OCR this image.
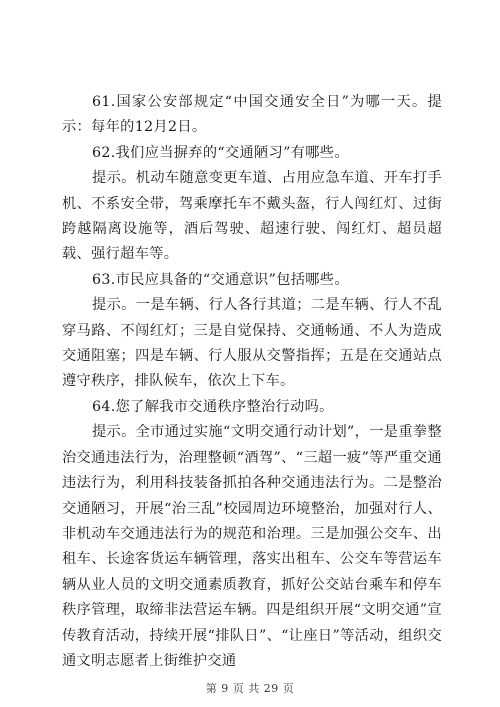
61.国家公安部规定“中国交通安全日”为哪一天。提示：每年的12月2日。

62.我们应当摒弃的“交通陋习”有哪些。

提示。机动车随意变更车道、占用应急车道、开车打手机、不系安全带，驾乘摩托车不戴头盔，行人闯红灯、过街跨越隔离设施等，酒后驾驶、超速行驶、闯红灯、超员超载、强行超车等。

63.市民应具备的“交通意识”包括哪些。

提示。一是车辆、行人各行其道；二是车辆、行人不乱穿马路、不闯红灯；三是自觉保持、交通畅通、不人为造成交通阻塞；四是车辆、行人服从交警指挥；五是在交通站点遵守秩序，排队候车，依次上下车。

64.您了解我市交通秩序整治行动吗。

提示。全市通过实施“文明交通行动计划”，一是重拳整治交通违法行为，治理整顿“酒驾”、“三超一疲”等严重交通违法行为，利用科技装备抓拍各种交通违法行为。二是整治交通陋习，开展“治三乱”校园周边环境整治，加强对行人、非机动车交通违法行为的规范和治理。三是加强公交车、出租车、长途客货运车辆管理，落实出租车、公交车等营运车辆从业人员的文明交通素质教育，抓好公交站台乘车和停车秩序管理，取缔非法营运车辆。四是组织开展“文明交通”宣传教育活动，持续开展“排队日”、“让座日”等活动，组织交通文明志愿者上街维护交通

第 9 页 共 29 页
